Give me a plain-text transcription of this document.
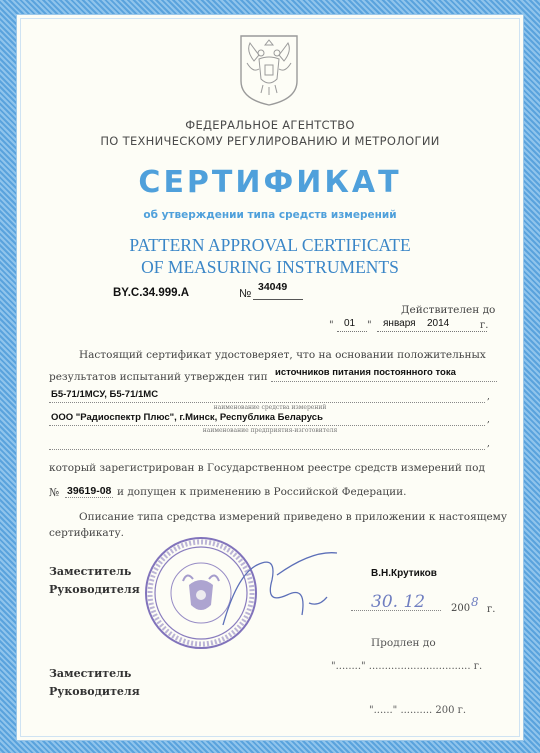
ФЕДЕРАЛЬНОЕ АГЕНТСТВО
ПО ТЕХНИЧЕСКОМУ РЕГУЛИРОВАНИЮ И МЕТРОЛОГИИ
СЕРТИФИКАТ
об утверждении типа средств измерений
PATTERN APPROVAL CERTIFICATE
OF MEASURING INSTRUMENTS
BY.C.34.999.A	№
34049
Действителен до
" 01 " января 2014	г.
Настоящий сертификат удостоверяет, что на основании положительных
результатов испытаний утвержден тип источников питания постоянного тока
Б5-71/1МСУ, Б5-71/1МС	,
наименование средства измерений
ООО "Радиоспектр Плюс", г.Минск, Республика Беларусь	,
наименование предприятия-изготовителя
,
который зарегистрирован в Государственном реестре средств измерений под
№ 39619-08 и допущен к применению в Российской Федерации.
Описание типа средства измерений приведено в приложении к настоящему
сертификату.
Заместитель
Руководителя
В.Н.Крутиков
30. 12	200 8
г.
Продлен до
"........" ................................ г.
Заместитель
Руководителя
"......" .......... 200 г.
